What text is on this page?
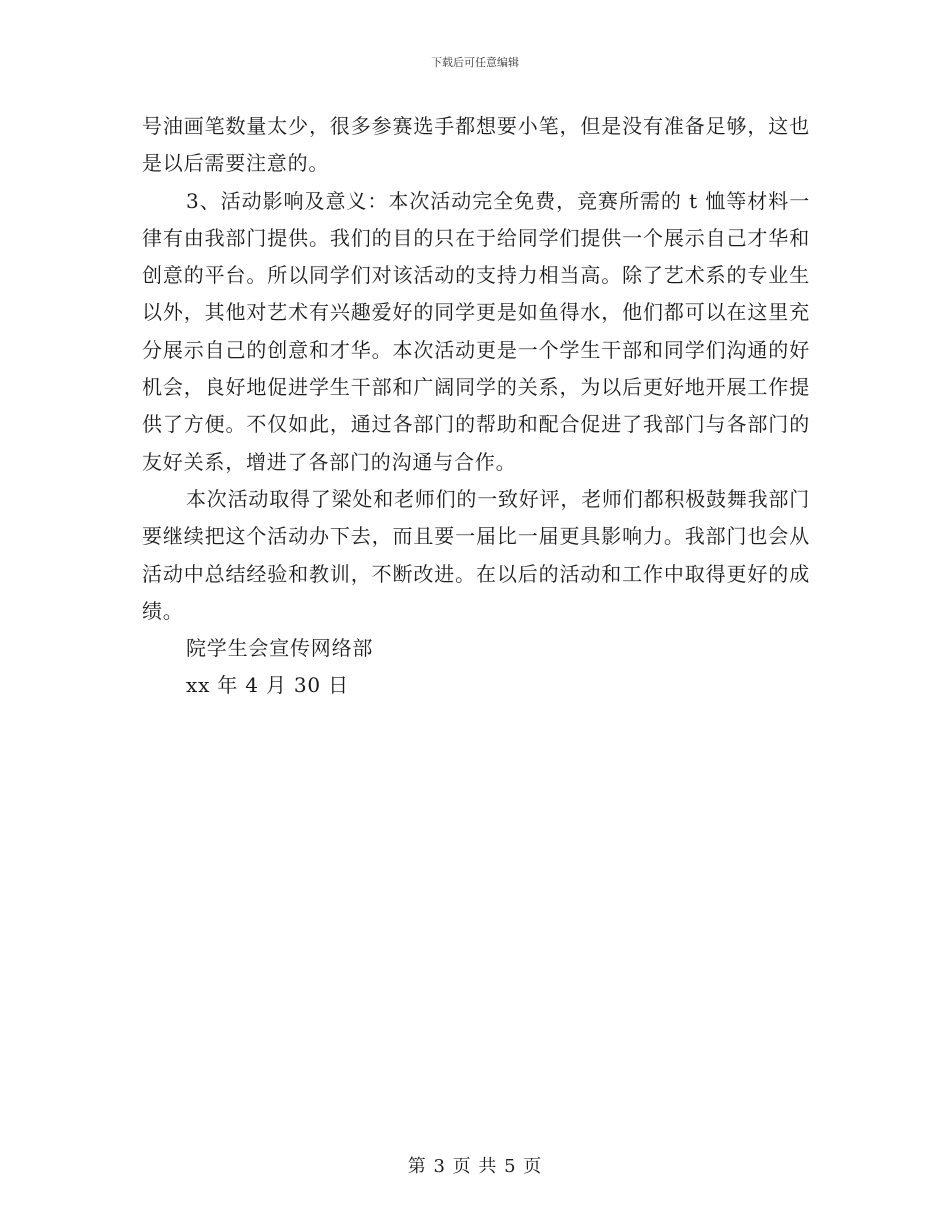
下载后可任意编辑

号油画笔数量太少，很多参赛选手都想要小笔，但是没有准备足够，这也是以后需要注意的。

3、活动影响及意义：本次活动完全免费，竞赛所需的 t 恤等材料一律有由我部门提供。我们的目的只在于给同学们提供一个展示自己才华和创意的平台。所以同学们对该活动的支持力相当高。除了艺术系的专业生以外，其他对艺术有兴趣爱好的同学更是如鱼得水，他们都可以在这里充分展示自己的创意和才华。本次活动更是一个学生干部和同学们沟通的好机会，良好地促进学生干部和广阔同学的关系，为以后更好地开展工作提供了方便。不仅如此，通过各部门的帮助和配合促进了我部门与各部门的友好关系，增进了各部门的沟通与合作。

本次活动取得了梁处和老师们的一致好评，老师们都积极鼓舞我部门要继续把这个活动办下去，而且要一届比一届更具影响力。我部门也会从活动中总结经验和教训，不断改进。在以后的活动和工作中取得更好的成绩。

院学生会宣传网络部

xx 年 4 月 30 日

第 3 页 共 5 页
